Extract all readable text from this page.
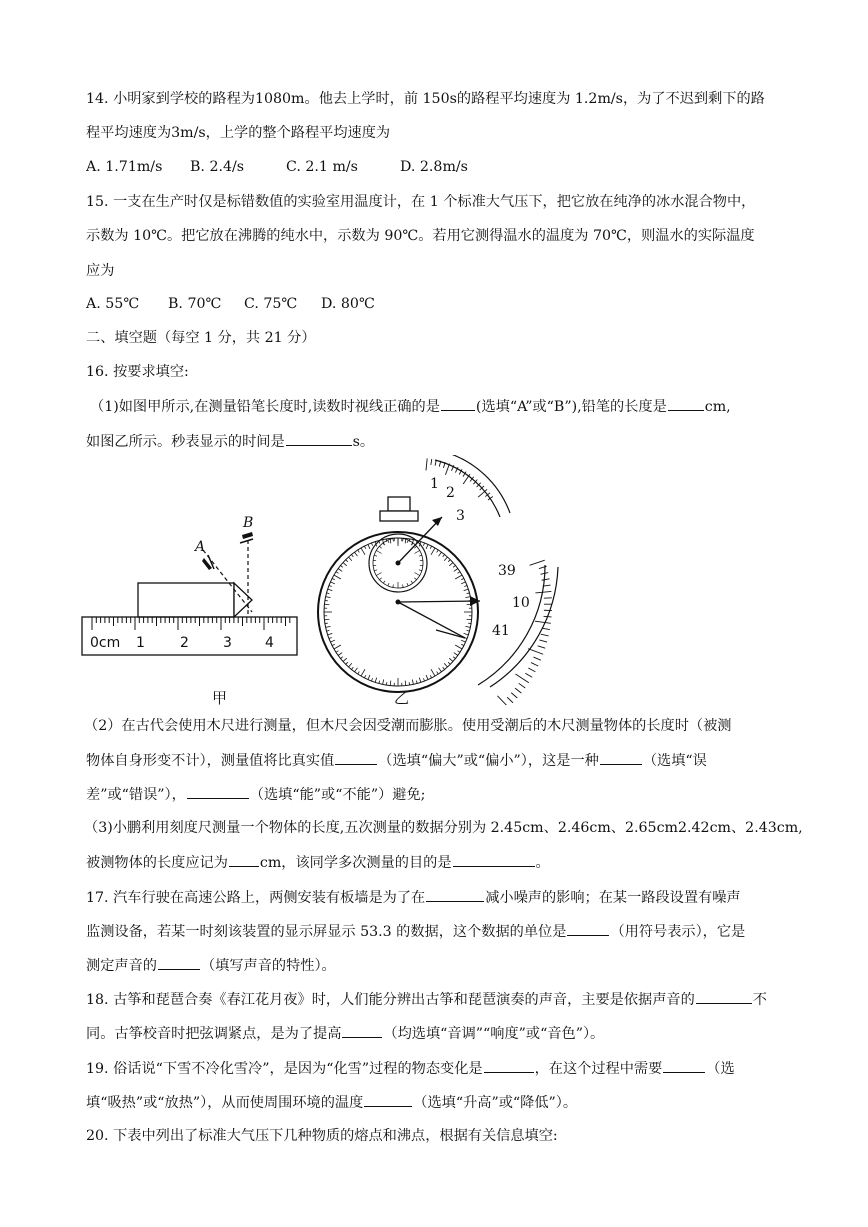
14. 小明家到学校的路程为1080m。他去上学时，前 150s的路程平均速度为 1.2m/s，为了不迟到剩下的路
程平均速度为3m/s，上学的整个路程平均速度为
A. 1.71m/s B. 2.4/s	C. 2.1 m/s	D. 2.8m/s
15. 一支在生产时仅是标错数值的实验室用温度计，在 1 个标准大气压下，把它放在纯净的冰水混合物中，
示数为 10℃。把它放在沸腾的纯水中，示数为 90℃。若用它测得温水的温度为 70℃，则温水的实际温度
应为
A. 55℃ B. 70℃ C. 75℃ D. 80℃
二、填空题（每空 1 分，共 21 分）
16. 按要求填空:
（1)如图甲所示,在测量铅笔长度时,读数时视线正确的是	(选填“A”或“B”),铅笔的长度是	cm,
如图乙所示。秒表显示的时间是	s。
0cm 1	2 3 4
A
B
1
2
3
39
10
41
甲	乙
（2）在古代会使用木尺进行测量，但木尺会因受潮而膨胀。使用受潮后的木尺测量物体的长度时（被测
物体自身形变不计），测量值将比真实值	（选填“偏大”或“偏小”），这是一种	（选填“误
差”或“错误”），	（选填“能”或“不能”）避免;
（3)小鹏利用刻度尺测量一个物体的长度,五次测量的数据分别为 2.45cm、2.46cm、2.65cm2.42cm、2.43cm,
被测物体的长度应记为 cm，该同学多次测量的目的是	。
17. 汽车行驶在高速公路上，两侧安装有板墙是为了在	减小噪声的影响；在某一路段设置有噪声
监测设备，若某一时刻该装置的显示屏显示 53.3 的数据，这个数据的单位是	（用符号表示），它是
测定声音的	（填写声音的特性）。
18. 古筝和琵琶合奏《春江花月夜》时，人们能分辨出古筝和琵琶演奏的声音，主要是依据声音的	不
同。古筝校音时把弦调紧点，是为了提高	（均选填“音调”“响度”或“音色”）。
19. 俗话说“下雪不冷化雪冷”，是因为“化雪”过程的物态变化是	，在这个过程中需要	（选
填“吸热”或“放热”），从而使周围环境的温度	（选填“升高”或“降低”）。
20. 下表中列出了标准大气压下几种物质的熔点和沸点，根据有关信息填空:
